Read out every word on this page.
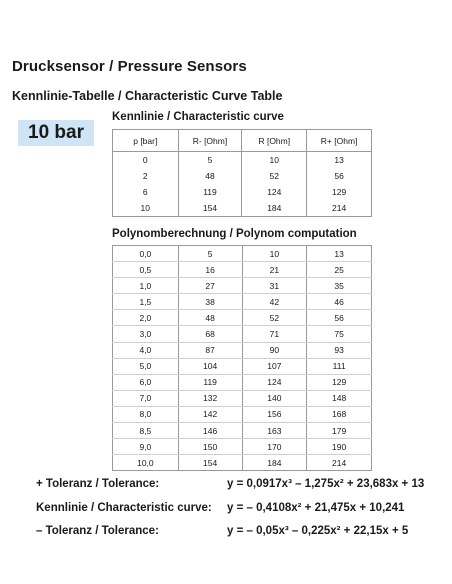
Drucksensor / Pressure Sensors
Kennlinie-Tabelle / Characteristic Curve Table
10 bar
Kennlinie / Characteristic curve
p [bar]	R- [Ohm]	R [Ohm]	R+ [Ohm]
0	5	10	13
2	48	52	56
6	119	124	129
10	154	184	214
Polynomberechnung / Polynom computation
0,0	5	10	13
0,5	16	21	25
1,0	27	31	35
1,5	38	42	46
2,0	48	52	56
3,0	68	71	75
4,0	87	90	93
5,0	104	107	111
6,0	119	124	129
7,0	132	140	148
8,0	142	156	168
8,5	146	163	179
9,0	150	170	190
10,0	154	184	214
+ Toleranz / Tolerance:	y = 0,0917x³ – 1,275x² + 23,683x + 13
Kennlinie / Characteristic curve:	y = – 0,4108x² + 21,475x + 10,241
– Toleranz / Tolerance:	y = – 0,05x³ – 0,225x² + 22,15x + 5
